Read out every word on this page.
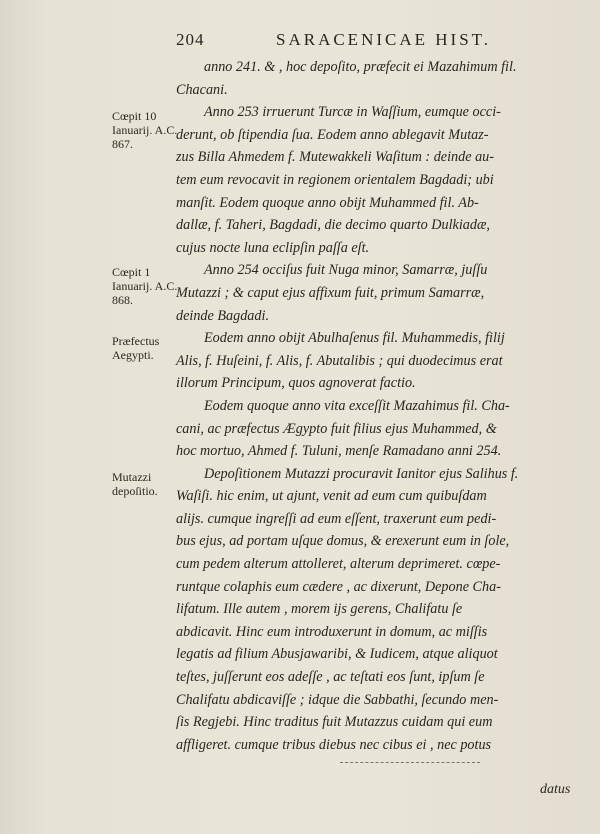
204	SARACENICAE HIST.
Cœpit 10 Ianuarij. A.C. 867.
Cœpit 1 Ianuarij. A.C. 868.
Præfectus Aegypti.
Mutazzi depoſitio.
anno 241. & , hoc depoſito, præfecit ei Mazahimum fil.
Chacani.
Anno 253 irruerunt Turcæ in Waſſium, eumque occi-
derunt, ob ſtipendia ſua. Eodem anno ablegavit Mutaz-
zus Billa Ahmedem f. Mutewakkeli Waſitum : deinde au-
tem eum revocavit in regionem orientalem Bagdadi; ubi
manſit. Eodem quoque anno obijt Muhammed fil. Ab-
dallæ, f. Taheri, Bagdadi, die decimo quarto Dulkiadæ,
cujus nocte luna eclipſin paſſa eſt.
Anno 254 occiſus fuit Nuga minor, Samarræ, juſſu
Mutazzi ; & caput ejus affixum fuit, primum Samarræ,
deinde Bagdadi.
Eodem anno obijt Abulhaſenus fil. Muhammedis, filij
Alis, f. Huſeini, f. Alis, f. Abutalibis ; qui duodecimus erat
illorum Principum, quos agnoverat factio.
Eodem quoque anno vita exceſſit Mazahimus fil. Cha-
cani, ac præfectus Ægypto fuit filius ejus Muhammed, &
hoc mortuo, Ahmed f. Tuluni, menſe Ramadano anni 254.
Depoſitionem Mutazzi procuravit Ianitor ejus Salihus f.
Waſiſi. hic enim, ut ajunt, venit ad eum cum quibuſdam
alijs. cumque ingreſſi ad eum eſſent, traxerunt eum pedi-
bus ejus, ad portam uſque domus, & erexerunt eum in ſole,
cum pedem alterum attolleret, alterum deprimeret. cœpe-
runtque colaphis eum cædere , ac dixerunt, Depone Cha-
lifatum. Ille autem , morem ijs gerens, Chalifatu ſe
abdicavit. Hinc eum introduxerunt in domum, ac miſſis
legatis ad filium Abusjawaribi, & Iudicem, atque aliquot
teſtes, juſſerunt eos adeſſe , ac teſtati eos ſunt, ipſum ſe
Chalifatu abdicaviſſe ; idque die Sabbathi, ſecundo men-
ſis Regjebi. Hinc traditus fuit Mutazzus cuidam qui eum
affligeret. cumque tribus diebus nec cibus ei , nec potus
datus
